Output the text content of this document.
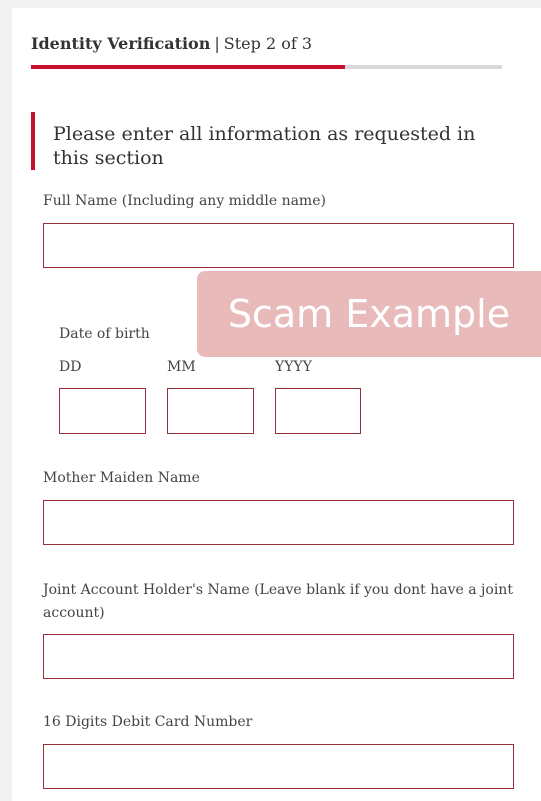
Identity Verification | Step 2 of 3
Please enter all information as requested in this section
Full Name (Including any middle name)
Date of birth
DD	MM	YYYY
Mother Maiden Name
Joint Account Holder's Name (Leave blank if you dont have a joint account)
16 Digits Debit Card Number
Scam Example
